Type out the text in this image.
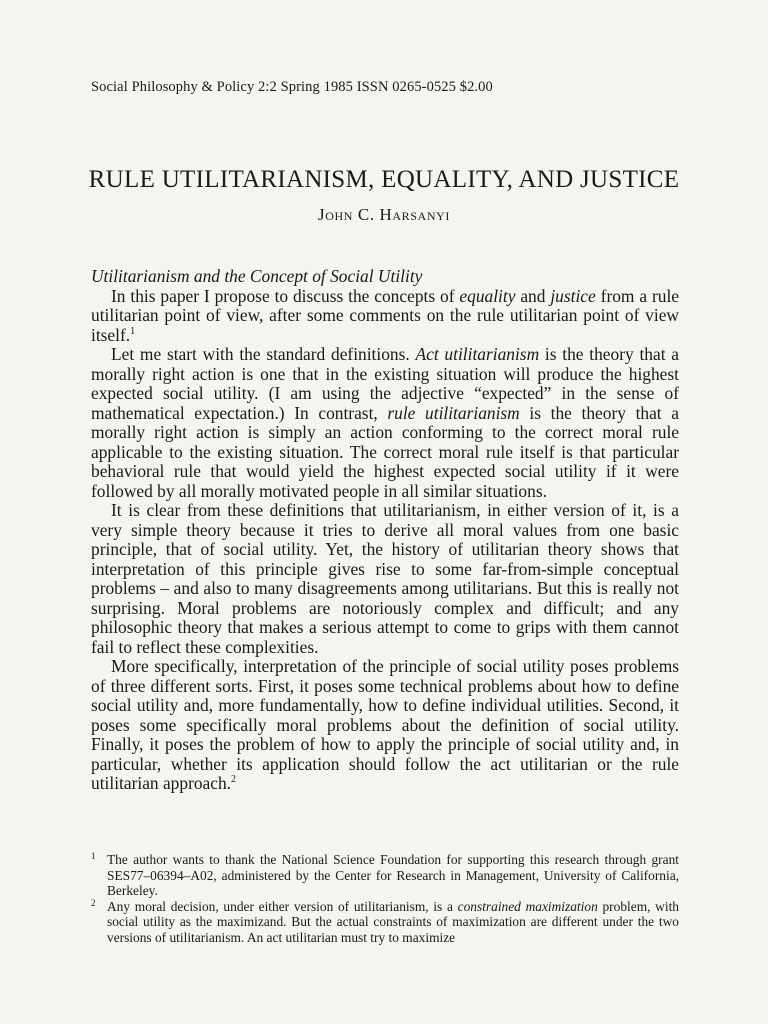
Social Philosophy & Policy 2:2 Spring 1985 ISSN 0265-0525 $2.00
RULE UTILITARIANISM, EQUALITY, AND JUSTICE
John C. Harsanyi

Utilitarianism and the Concept of Social Utility

In this paper I propose to discuss the concepts of equality and justice from a rule utilitarian point of view, after some comments on the rule utilitarian point of view itself.$^1$

Let me start with the standard definitions. Act utilitarianism is the theory that a morally right action is one that in the existing situation will produce the highest expected social utility. (I am using the adjective “expected” in the sense of mathematical expectation.) In contrast, rule utilitarianism is the theory that a morally right action is simply an action conforming to the correct moral rule applicable to the existing situation. The correct moral rule itself is that particular behavioral rule that would yield the highest expected social utility if it were followed by all morally motivated people in all similar situations.

It is clear from these definitions that utilitarianism, in either version of it, is a very simple theory because it tries to derive all moral values from one basic principle, that of social utility. Yet, the history of utilitarian theory shows that interpretation of this principle gives rise to some far-from-simple conceptual problems – and also to many disagreements among utilitarians. But this is really not surprising. Moral problems are notoriously complex and difficult; and any philosophic theory that makes a serious attempt to come to grips with them cannot fail to reflect these complexities.

More specifically, interpretation of the principle of social utility poses problems of three different sorts. First, it poses some technical problems about how to define social utility and, more fundamentally, how to define individual utilities. Second, it poses some specifically moral problems about the definition of social utility. Finally, it poses the problem of how to apply the principle of social utility and, in particular, whether its application should follow the act utilitarian or the rule utilitarian approach.$^2$

1 The author wants to thank the National Science Foundation for supporting this research through grant SES77–06394–A02, administered by the Center for Research in Management, University of California, Berkeley.

2 Any moral decision, under either version of utilitarianism, is a constrained maximization problem, with social utility as the maximizand. But the actual constraints of maximization are different under the two versions of utilitarianism. An act utilitarian must try to maximize
